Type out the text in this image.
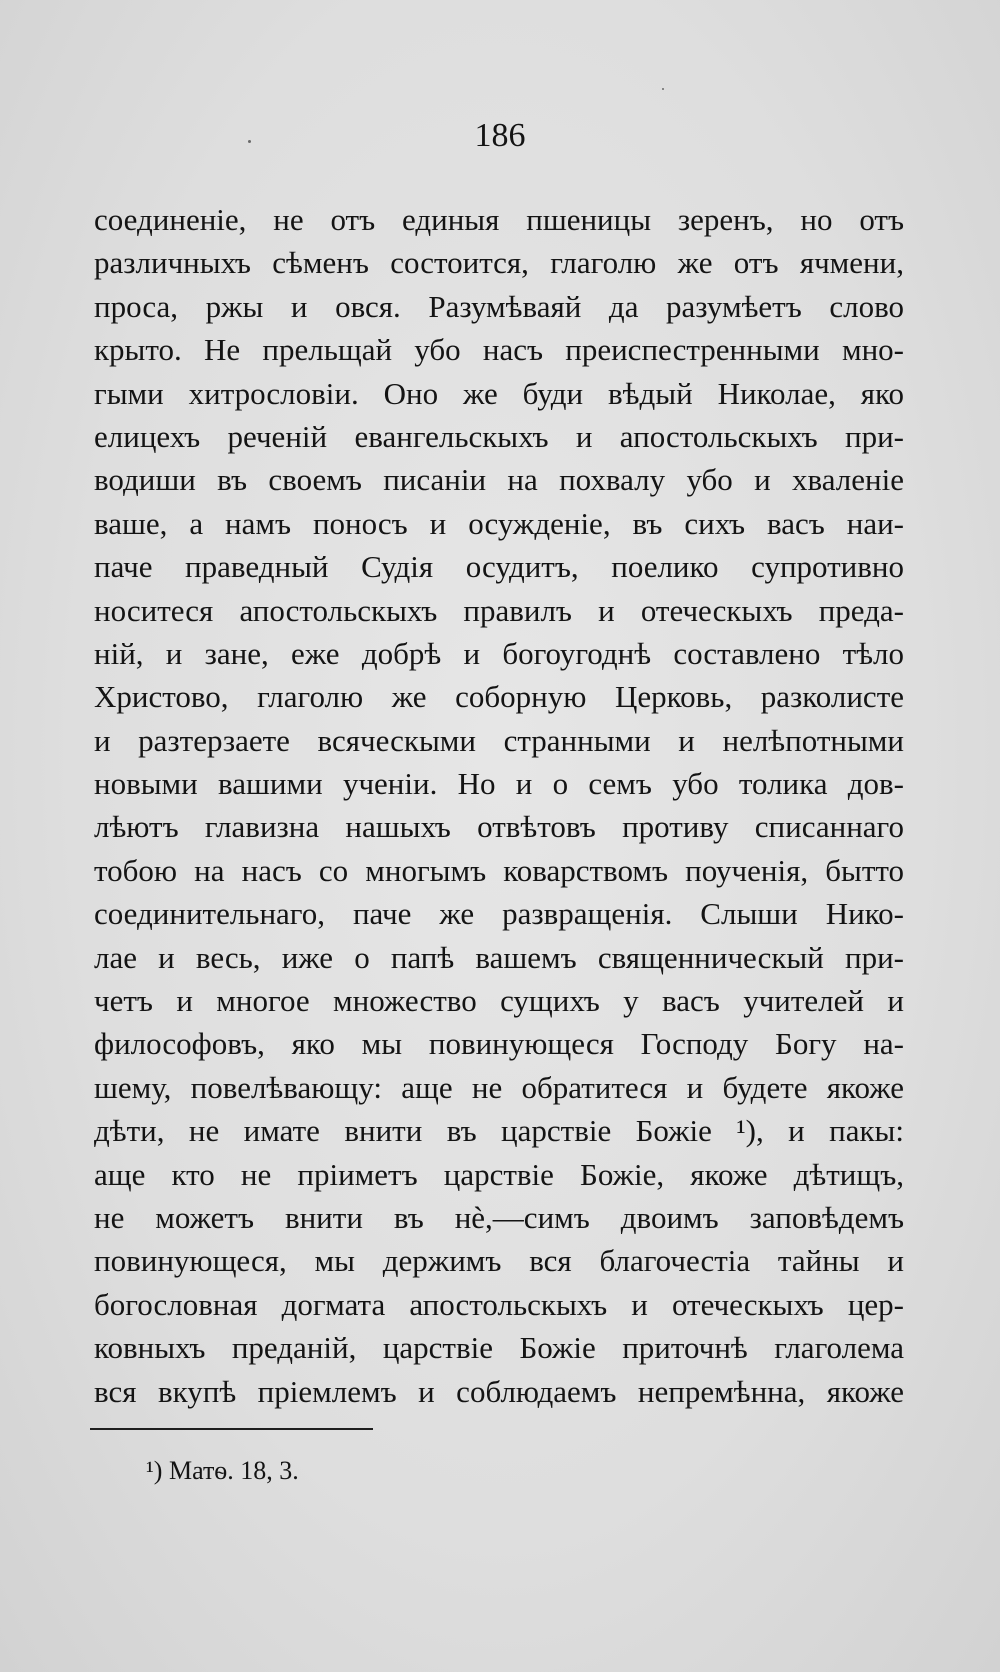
186
соединенiе, не отъ единыя пшеницы зеренъ, но отъ
различныхъ сѣменъ состоится, глаголю же отъ ячмени,
проса, ржы и овся. Разумѣваяй да разумѣетъ слово
крыто. Не прельщай убо насъ преиспестренными мно-
гыми хитрословiи. Оно же буди вѣдый Николае, яко
елицехъ реченiй евангельскыхъ и апостольскыхъ при-
водиши въ своемъ писанiи на похвалу убо и хваленiе
ваше, а намъ поносъ и осужденiе, въ сихъ васъ наи-
паче праведный Судiя осудитъ, поелико супротивно
носитеся апостольскыхъ правилъ и отеческыхъ преда-
нiй, и зане, еже добрѣ и богоугоднѣ составлено тѣло
Христово, глаголю же соборную Церковь, разколисте
и разтерзаете всяческыми странными и нелѣпотными
новыми вашими ученiи. Но и о семъ убо толика дов-
лѣютъ главизна нашыхъ отвѣтовъ противу списаннаго
тобою на насъ со многымъ коварствомъ поученiя, бытто
соединительнаго, паче же развращенiя. Слыши Нико-
лае и весь, иже о папѣ вашемъ священническый при-
четъ и многое множество сущихъ у васъ учителей и
философовъ, яко мы повинующеся Господу Богу на-
шему, повелѣвающу: аще не обратитеся и будете якоже
дѣти, не имате внити въ царствiе Божiе ¹), и пакы:
аще кто не прiиметъ царствiе Божiе, якоже дѣтищъ,
не можетъ внити въ нѐ,—симъ двоимъ заповѣдемъ
повинующеся, мы держимъ вся благочестiа тайны и
богословная догмата апостольскыхъ и отеческыхъ цер-
ковныхъ преданiй, царствiе Божiе приточнѣ глаголема
вся вкупѣ прiемлемъ и соблюдаемъ непремѣнна, якоже
¹) Матѳ. 18, 3.
